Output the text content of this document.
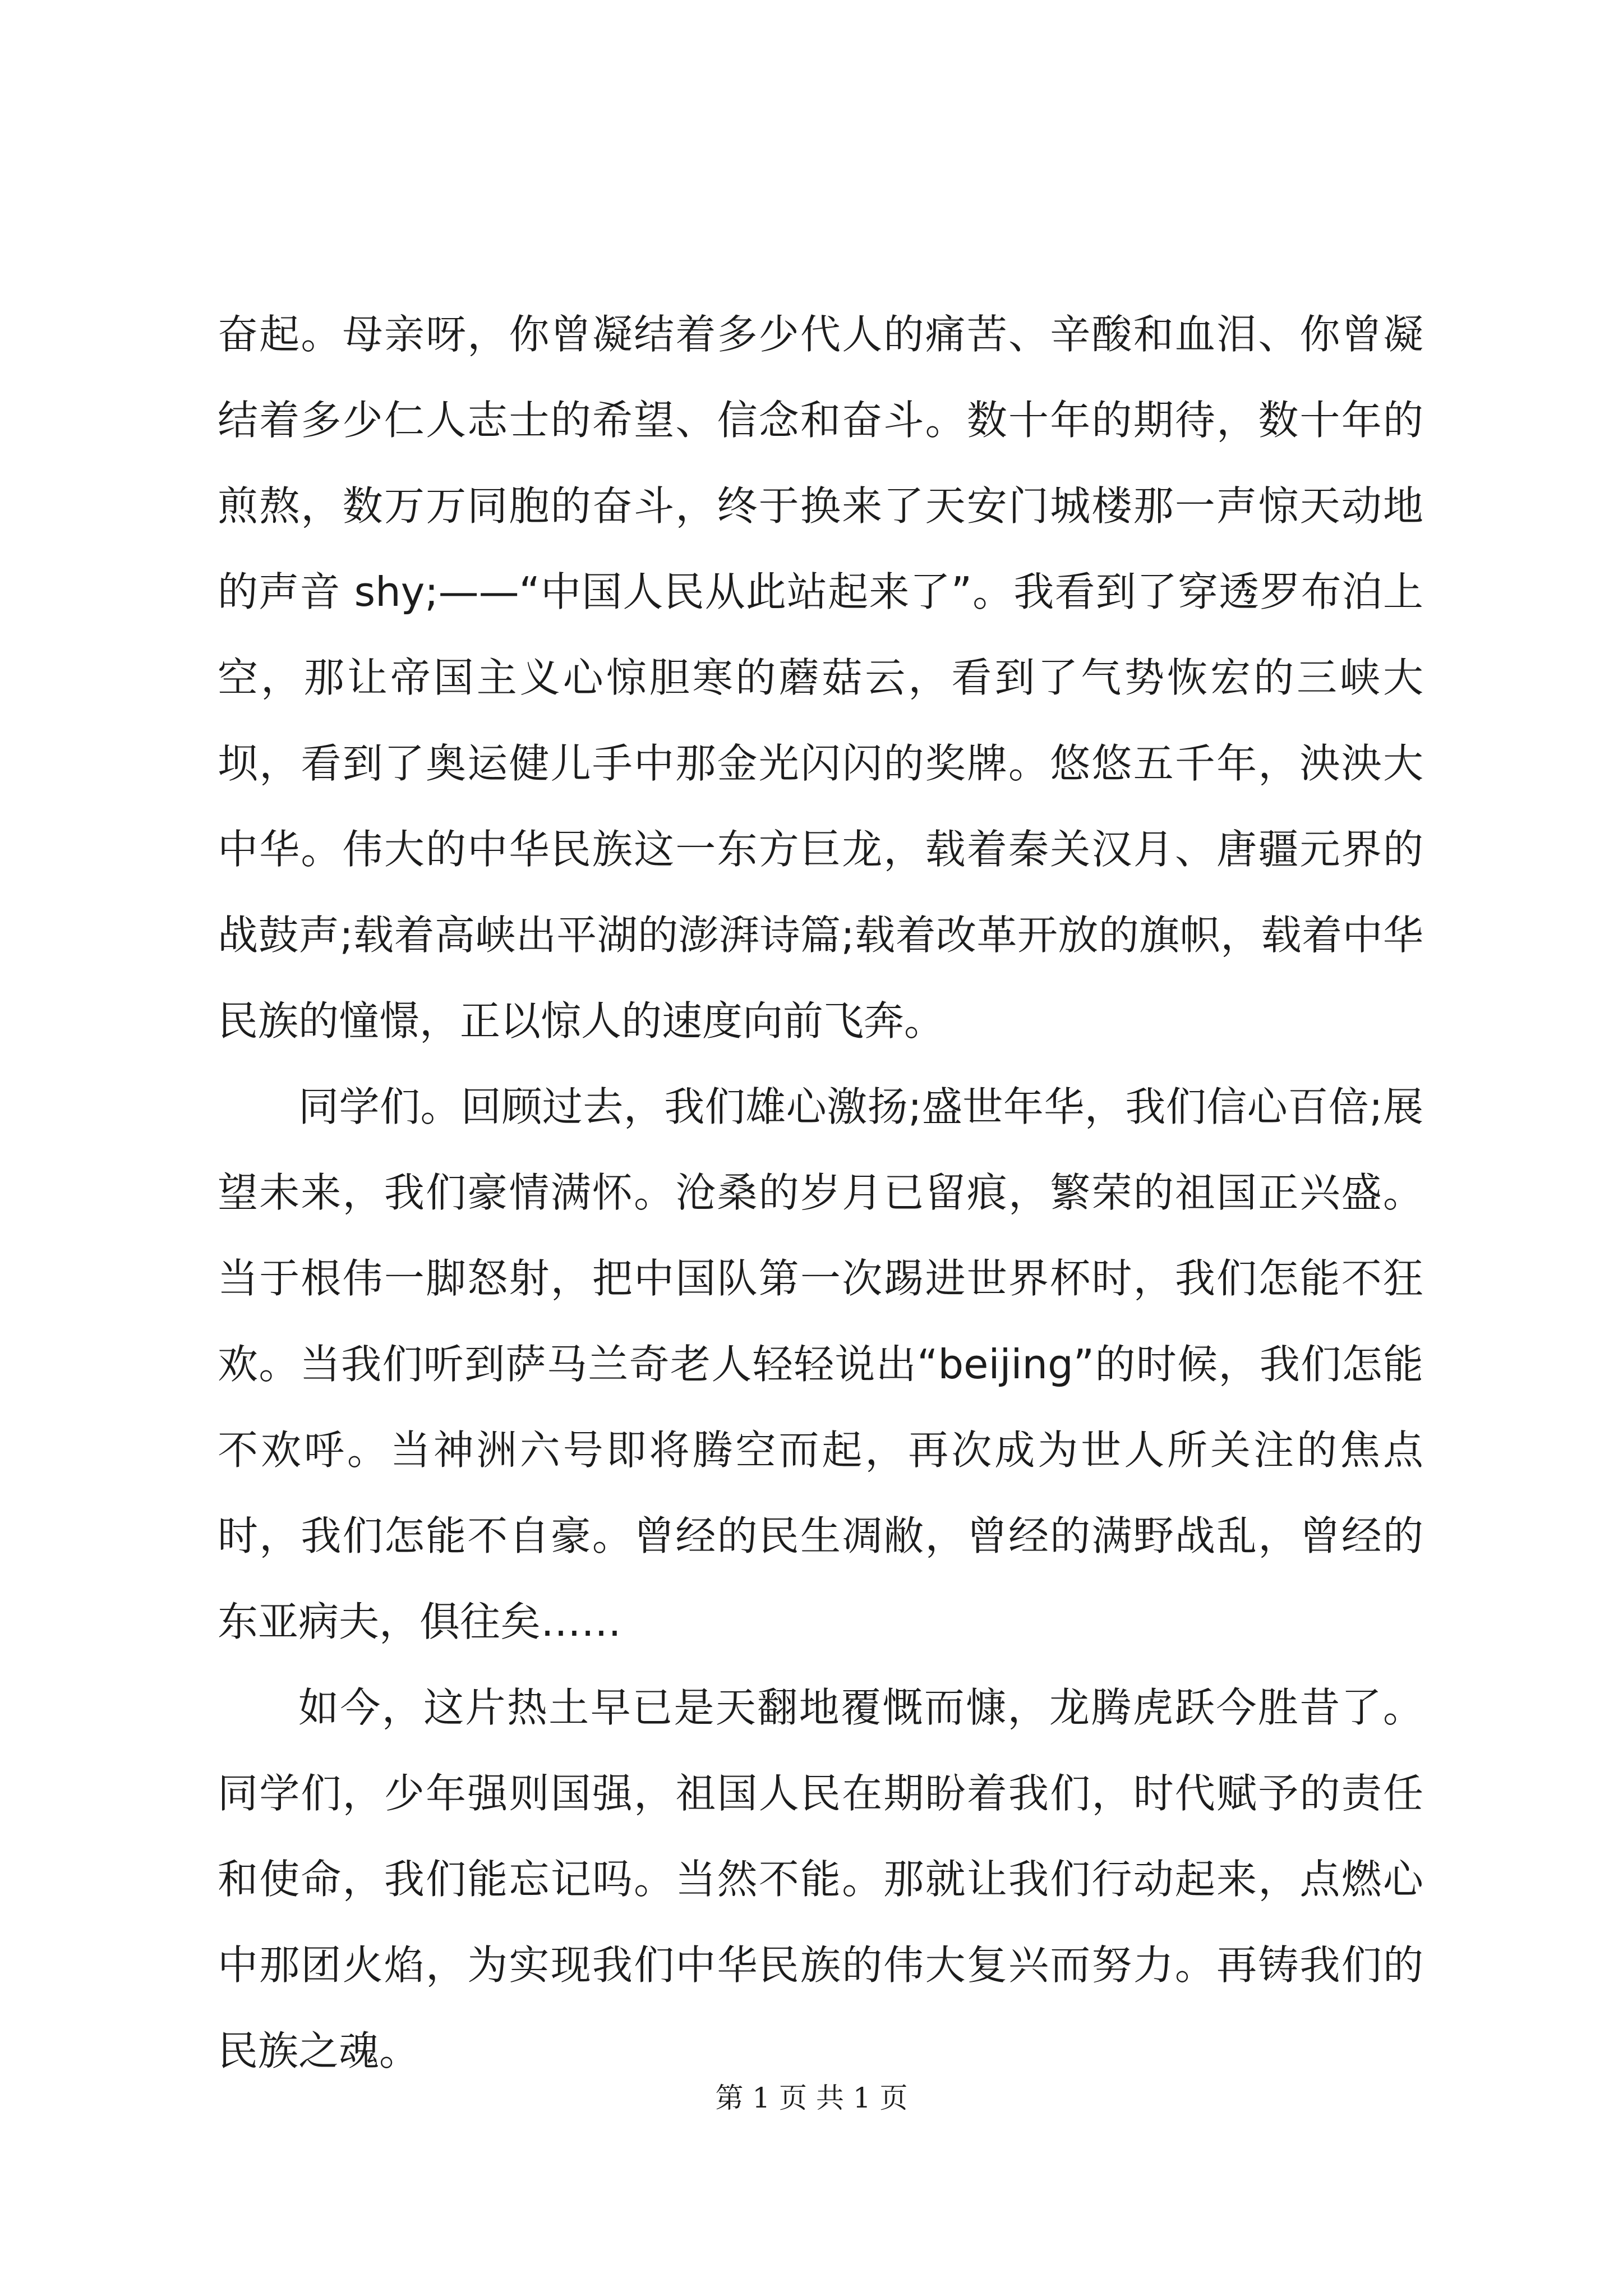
奋起。母亲呀，你曾凝结着多少代人的痛苦、辛酸和血泪、你曾凝结着多少仁人志士的希望、信念和奋斗。数十年的期待，数十年的煎熬，数万万同胞的奋斗，终于换来了天安门城楼那一声惊天动地的声音 shy;——“中国人民从此站起来了”。我看到了穿透罗布泊上空，那让帝国主义心惊胆寒的蘑菇云，看到了气势恢宏的三峡大坝，看到了奥运健儿手中那金光闪闪的奖牌。悠悠五千年，泱泱大中华。伟大的中华民族这一东方巨龙，载着秦关汉月、唐疆元界的战鼓声;载着高峡出平湖的澎湃诗篇;载着改革开放的旗帜，载着中华民族的憧憬，正以惊人的速度向前飞奔。

同学们。回顾过去，我们雄心激扬;盛世年华，我们信心百倍;展望未来，我们豪情满怀。沧桑的岁月已留痕，繁荣的祖国正兴盛。当于根伟一脚怒射，把中国队第一次踢进世界杯时，我们怎能不狂欢。当我们听到萨马兰奇老人轻轻说出“beijing”的时候，我们怎能不欢呼。当神洲六号即将腾空而起，再次成为世人所关注的焦点时，我们怎能不自豪。曾经的民生凋敝，曾经的满野战乱，曾经的东亚病夫，俱往矣……

如今，这片热土早已是天翻地覆慨而慷，龙腾虎跃今胜昔了。同学们，少年强则国强，祖国人民在期盼着我们，时代赋予的责任和使命，我们能忘记吗。当然不能。那就让我们行动起来，点燃心中那团火焰，为实现我们中华民族的伟大复兴而努力。再铸我们的民族之魂。

第 1 页 共 1 页
